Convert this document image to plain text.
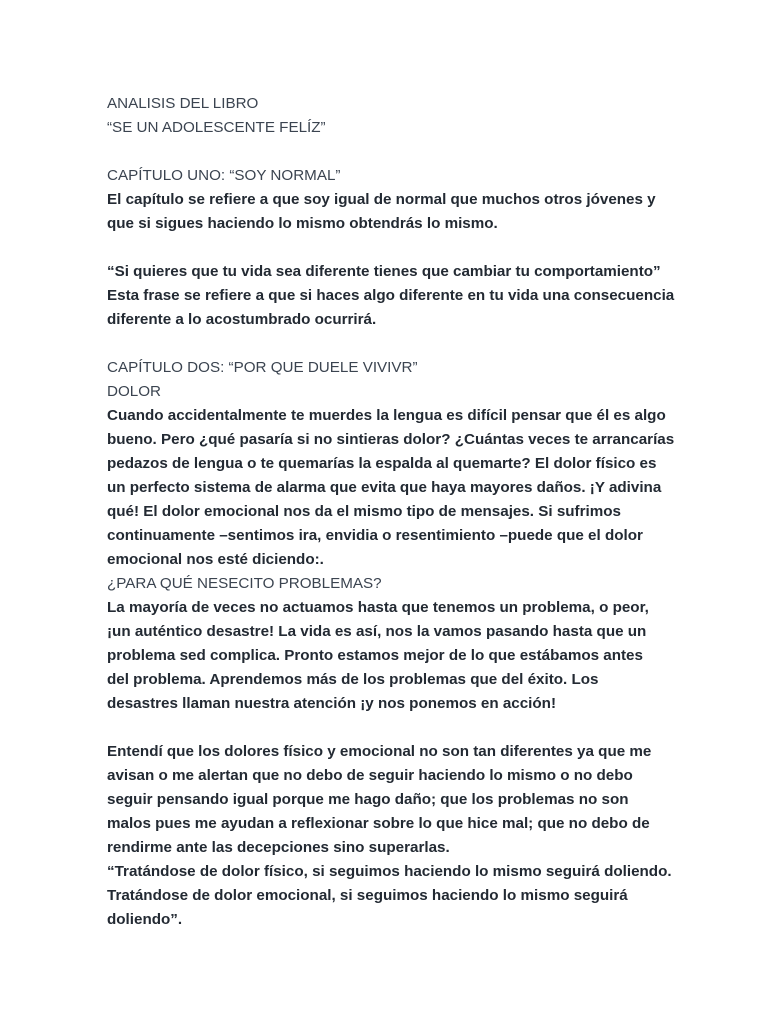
ANALISIS DEL LIBRO
“SE UN ADOLESCENTE FELÍZ”
CAPÍTULO UNO: “SOY NORMAL”
El capítulo se refiere a que soy igual de normal que muchos otros jóvenes y
que si sigues haciendo lo mismo obtendrás lo mismo.
“Si quieres que tu vida sea diferente tienes que cambiar tu comportamiento”
Esta frase se refiere a que si haces algo diferente en tu vida una consecuencia
diferente a lo acostumbrado ocurrirá.
CAPÍTULO DOS: “POR QUE DUELE VIVIVR”
DOLOR
Cuando accidentalmente te muerdes la lengua es difícil pensar que él es algo
bueno. Pero ¿qué pasaría si no sintieras dolor? ¿Cuántas veces te arrancarías
pedazos de lengua o te quemarías la espalda al quemarte? El dolor físico es
un perfecto sistema de alarma que evita que haya mayores daños. ¡Y adivina
qué! El dolor emocional nos da el mismo tipo de mensajes. Si sufrimos
continuamente –sentimos ira, envidia o resentimiento –puede que el dolor
emocional nos esté diciendo:.
¿PARA QUÉ NESECITO PROBLEMAS?
La mayoría de veces no actuamos hasta que tenemos un problema, o peor,
¡un auténtico desastre! La vida es así, nos la vamos pasando hasta que un
problema sed complica. Pronto estamos mejor de lo que estábamos antes
del problema. Aprendemos más de los problemas que del éxito. Los
desastres llaman nuestra atención ¡y nos ponemos en acción!
Entendí que los dolores físico y emocional no son tan diferentes ya que me
avisan o me alertan que no debo de seguir haciendo lo mismo o no debo
seguir pensando igual porque me hago daño; que los problemas no son
malos pues me ayudan a reflexionar sobre lo que hice mal; que no debo de
rendirme ante las decepciones sino superarlas.
“Tratándose de dolor físico, si seguimos haciendo lo mismo seguirá doliendo.
Tratándose de dolor emocional, si seguimos haciendo lo mismo seguirá
doliendo”.
